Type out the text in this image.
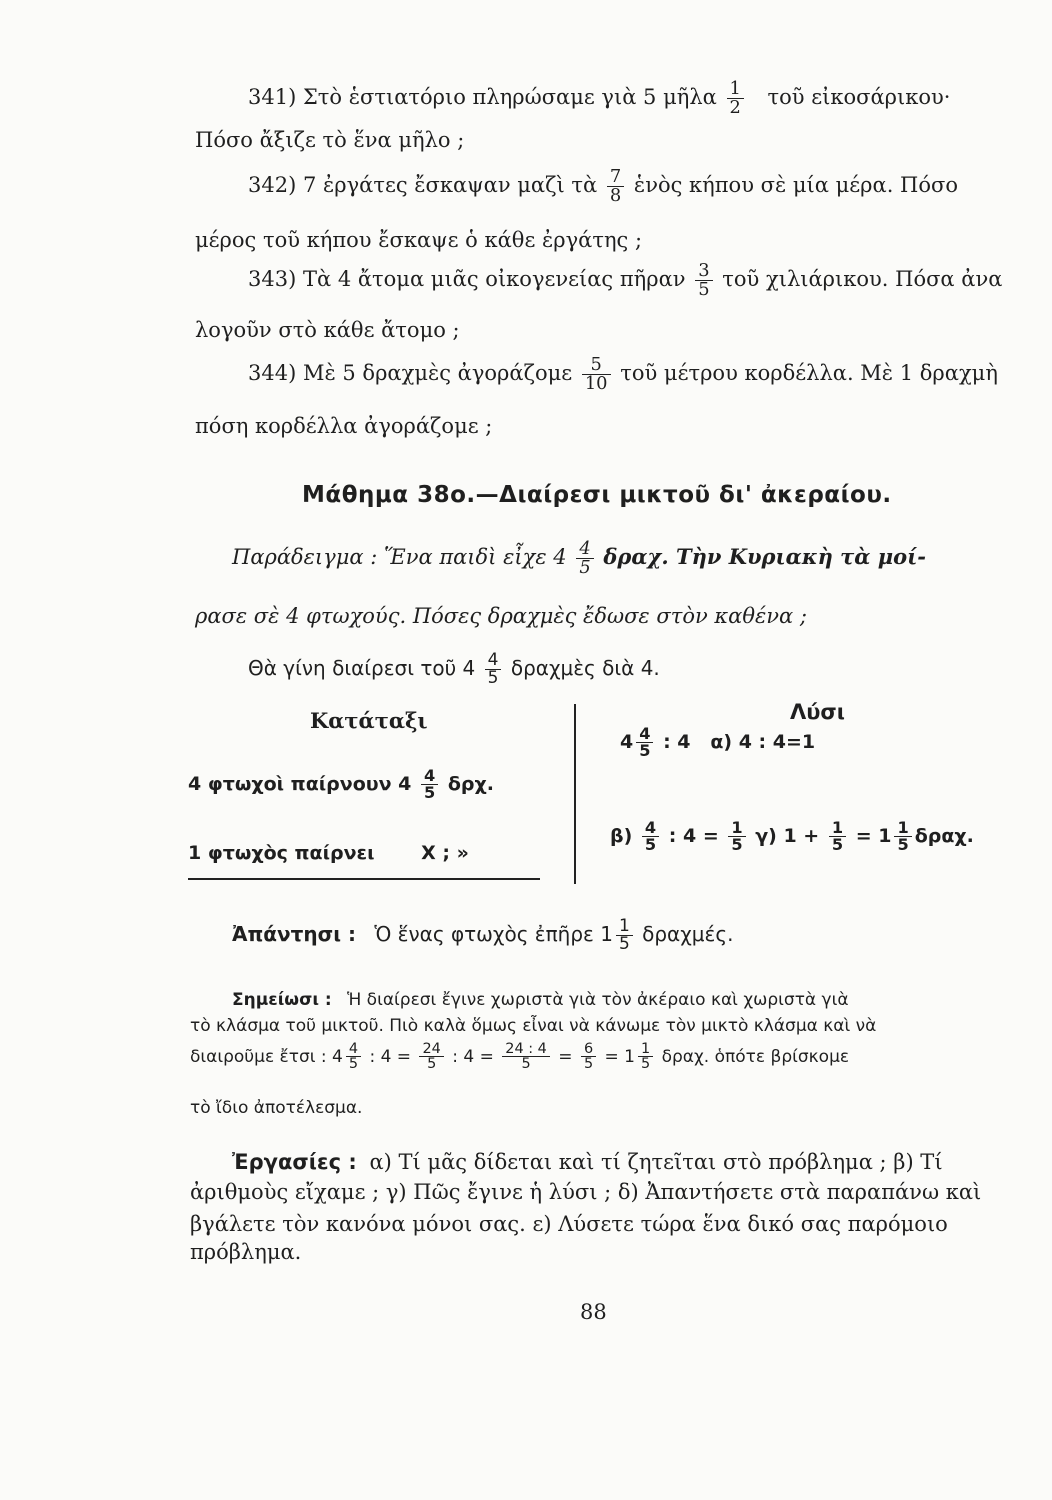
341) Στὸ ἑστιατόριο πληρώσαμε γιὰ 5 μῆλα $\frac{1}{2}$ τοῦ εἰκοσάρικου·
Πόσο ἄξιζε τὸ ἕνα μῆλο ;
342) 7 ἐργάτες ἔσκαψαν μαζὶ τὰ $\frac{7}{8}$ ἑνὸς κήπου σὲ μία μέρα. Πόσο
μέρος τοῦ κήπου ἔσκαψε ὁ κάθε ἐργάτης ;
343) Τὰ 4 ἄτομα μιᾶς οἰκογενείας πῆραν $\frac{3}{5}$ τοῦ χιλιάρικου. Πόσα ἀνα
λογοῦν στὸ κάθε ἄτομο ;
344) Μὲ 5 δραχμὲς ἀγοράζομε $\frac{5}{10}$ τοῦ μέτρου κορδέλλα. Μὲ 1 δραχμὴ
πόση κορδέλλα ἀγοράζομε ;
Μάθημα 38ο.—Διαίρεσι μικτοῦ δι' ἀκεραίου.
Παράδειγμα : Ἕνα παιδὶ εἶχε $4 \frac{4}{5} \delta\rho\alpha\chi$. Τὴν Κυριακὴ τὰ μοί-
ρασε σὲ 4 φτωχούς. Πόσες δραχμὲς ἔδωσε στὸν καθένα ;
Θὰ γίνη διαίρεσι τοῦ $4 \frac{4}{5}$ δραχμὲς διὰ 4.
Κατάταξι	Λύσι
4 φτωχοὶ παίρνουν $4 \frac{4}{5} \delta\rho\chi$.
1 φτωχὸς παίρνει Χ ; »
$4 \frac{4}{5}$ : 4   α) 4 : 4=1
$\beta) \frac{4}{5}$ : $4 = \frac{1}{5} \gamma$) $1 + \frac{1}{5} = 1 \frac{1}{5} \delta\rho\alpha\chi$.
Ἀπάντησι : Ὁ ἕνας φτωχὸς ἐπῆρε $1 \frac{1}{5} \delta\rho\alpha\chi\mu έ\varsigma$.
Σημείωσι : Ἡ διαίρεσι ἔγινε χωριστὰ γιὰ τὸν ἀκέραιο καὶ χωριστὰ γιὰ
τὸ κλάσμα τοῦ μικτοῦ. Πιὸ καλὰ ὅμως εἶναι νὰ κάνωμε τὸν μικτὸ κλάσμα καὶ νὰ
διαιροῦμε ἔτσι : $4 \frac{4}{5}$ : $4 = \frac{24}{5}$ : $4 = \frac{24 : 4}{5} = \frac{6}{5} = 1 \frac{1}{5} \delta\rho\alpha\chi$. ὁπότε βρίσκομε
τὸ ἴδιο ἀποτέλεσμα.
Ἐργασίες : α) Τί μᾶς δίδεται καὶ τί ζητεῖται στὸ πρόβλημα ; β) Τί
ἀριθμοὺς εἴχαμε ; γ) Πῶς ἔγινε ἡ λύσι ; δ) Ἀπαντήσετε στὰ παραπάνω καὶ
βγάλετε τὸν κανόνα μόνοι σας. ε) Λύσετε τώρα ἕνα δικό σας παρόμοιο
πρόβλημα.
88
